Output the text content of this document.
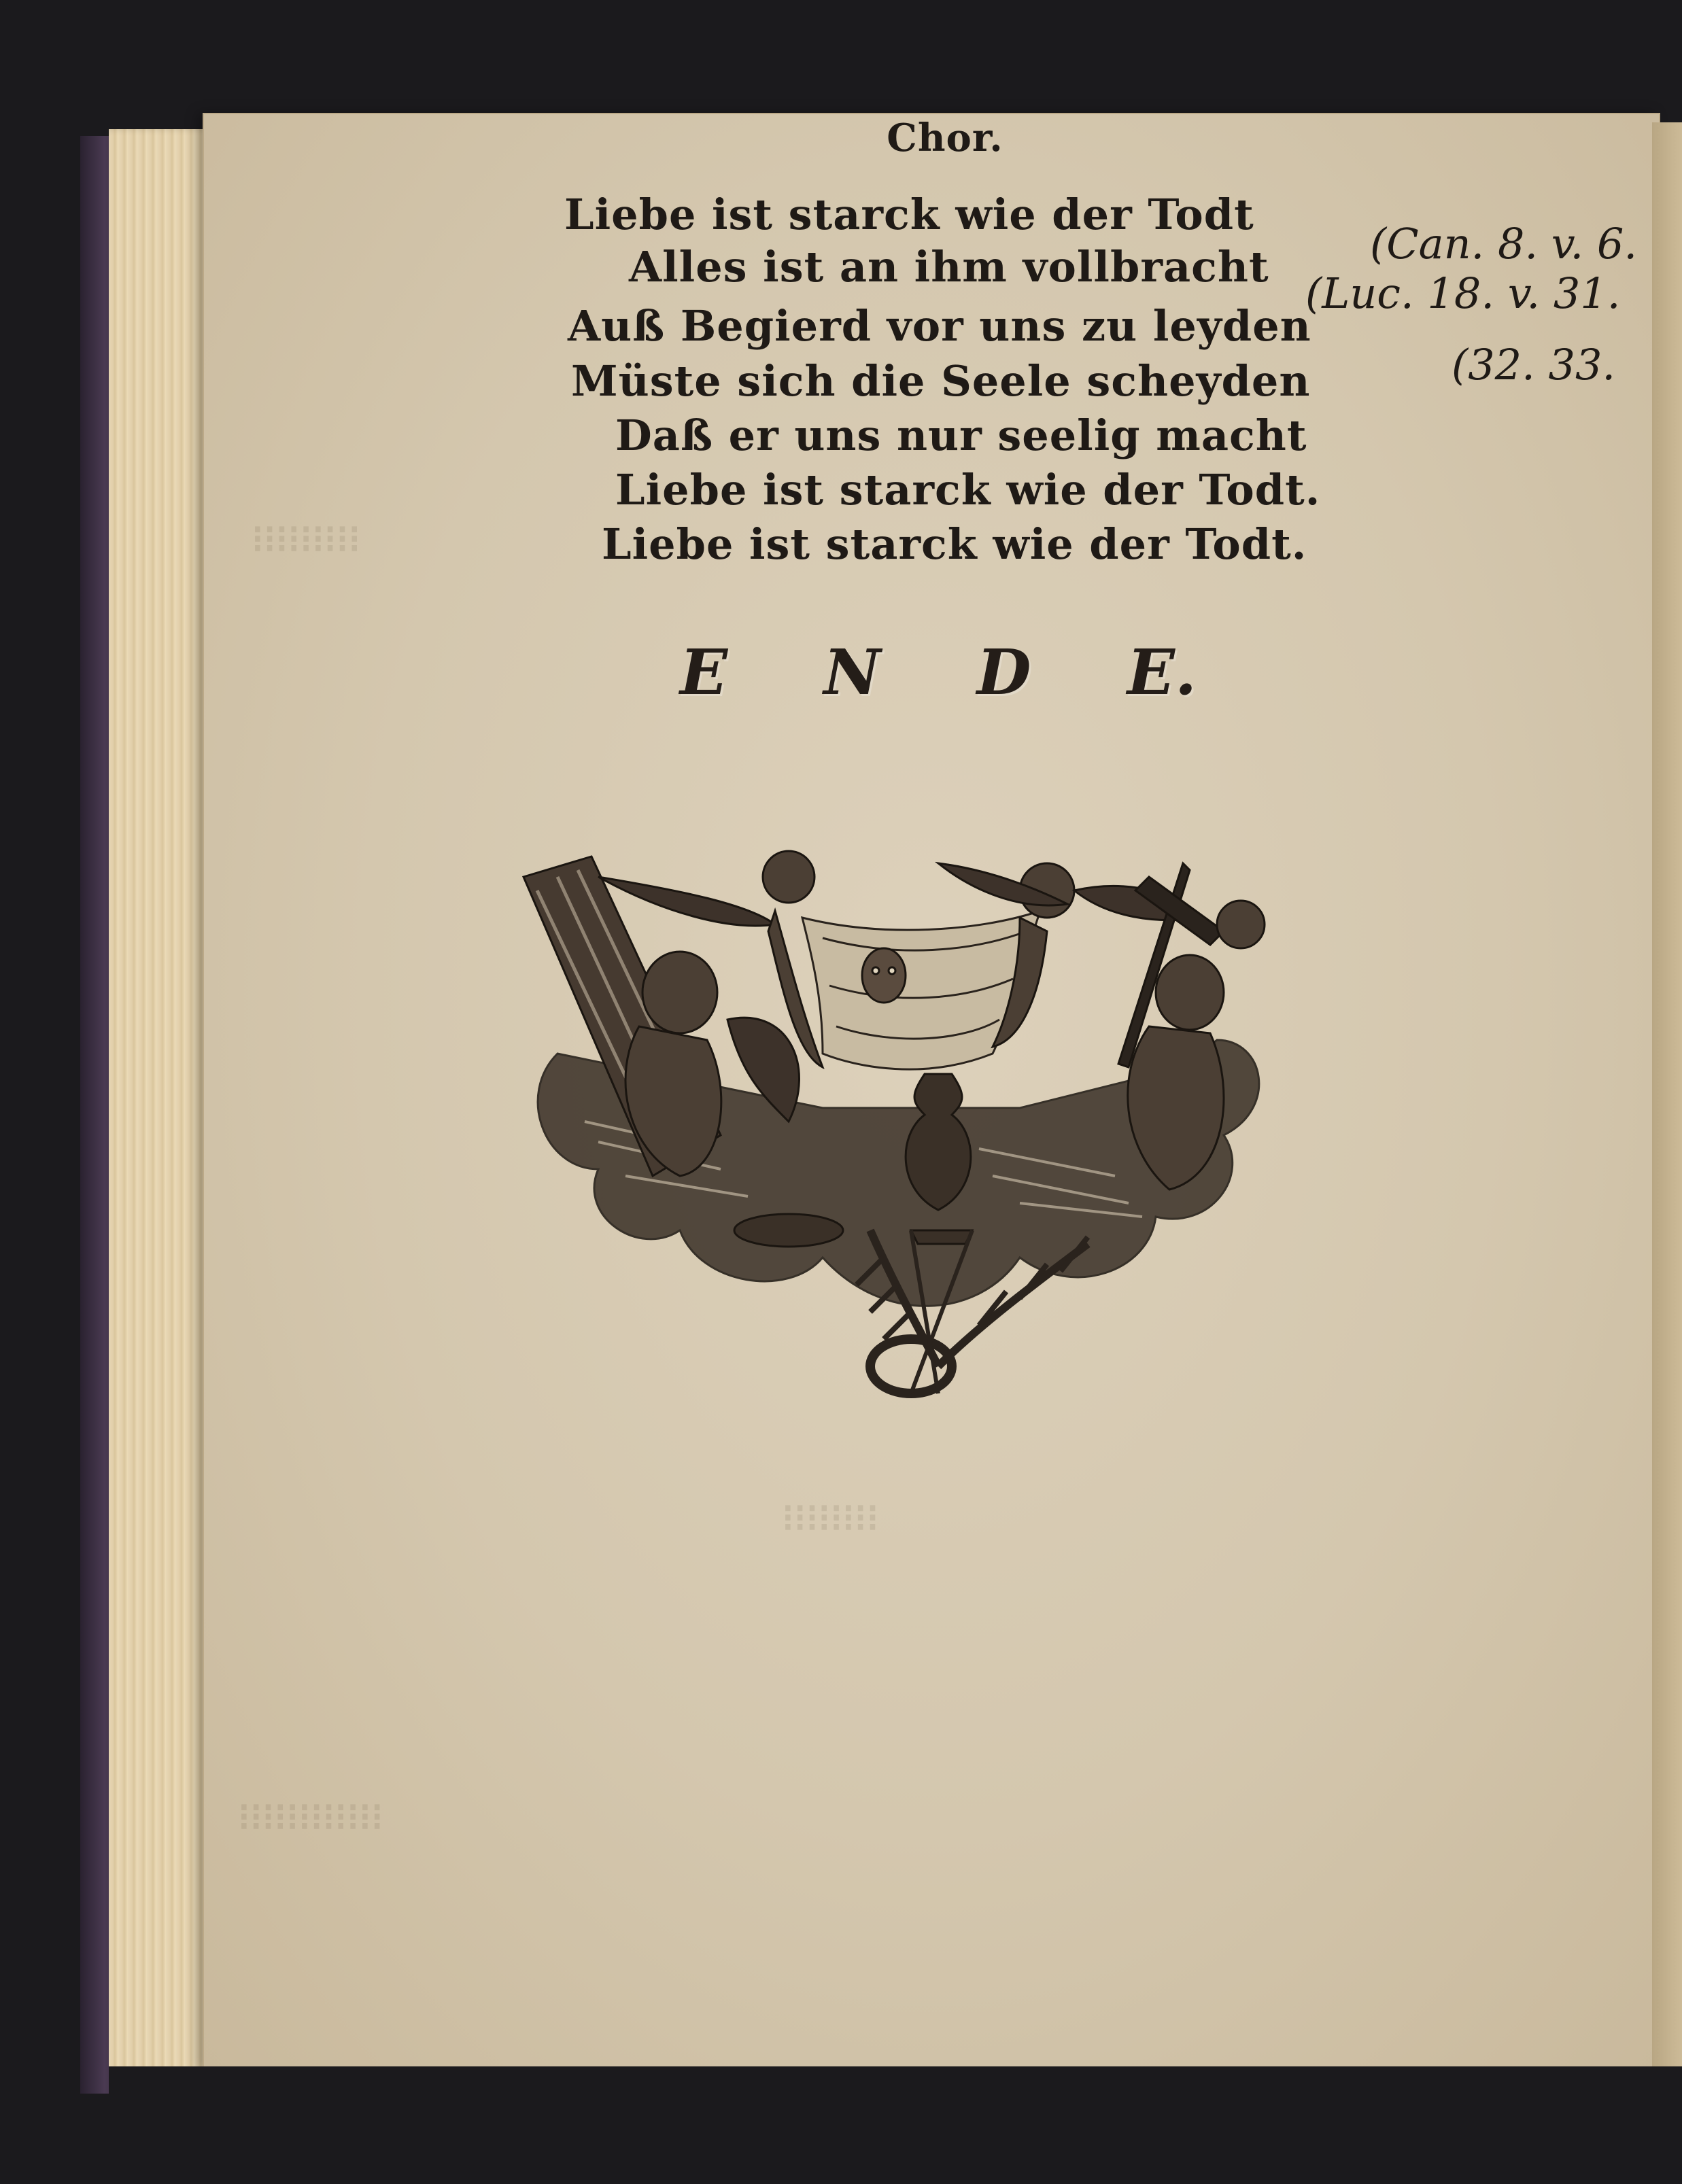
⁝⁝⁝⁝⁝⁝⁝⁝⁝
⁝⁝⁝⁝⁝⁝⁝⁝
⁝⁝⁝⁝⁝⁝⁝⁝⁝⁝⁝⁝
Chor.
Liebe ist starck wie der Todt
Alles ist an ihm vollbracht
Auß Begierd vor uns zu leyden
Müste sich die Seele scheyden
Daß er uns nur seelig macht
Liebe ist starck wie der Todt.
Liebe ist starck wie der Todt.
(Can. 8. v. 6.
(Luc. 18. v. 31.
(32. 33.
E N D E.
